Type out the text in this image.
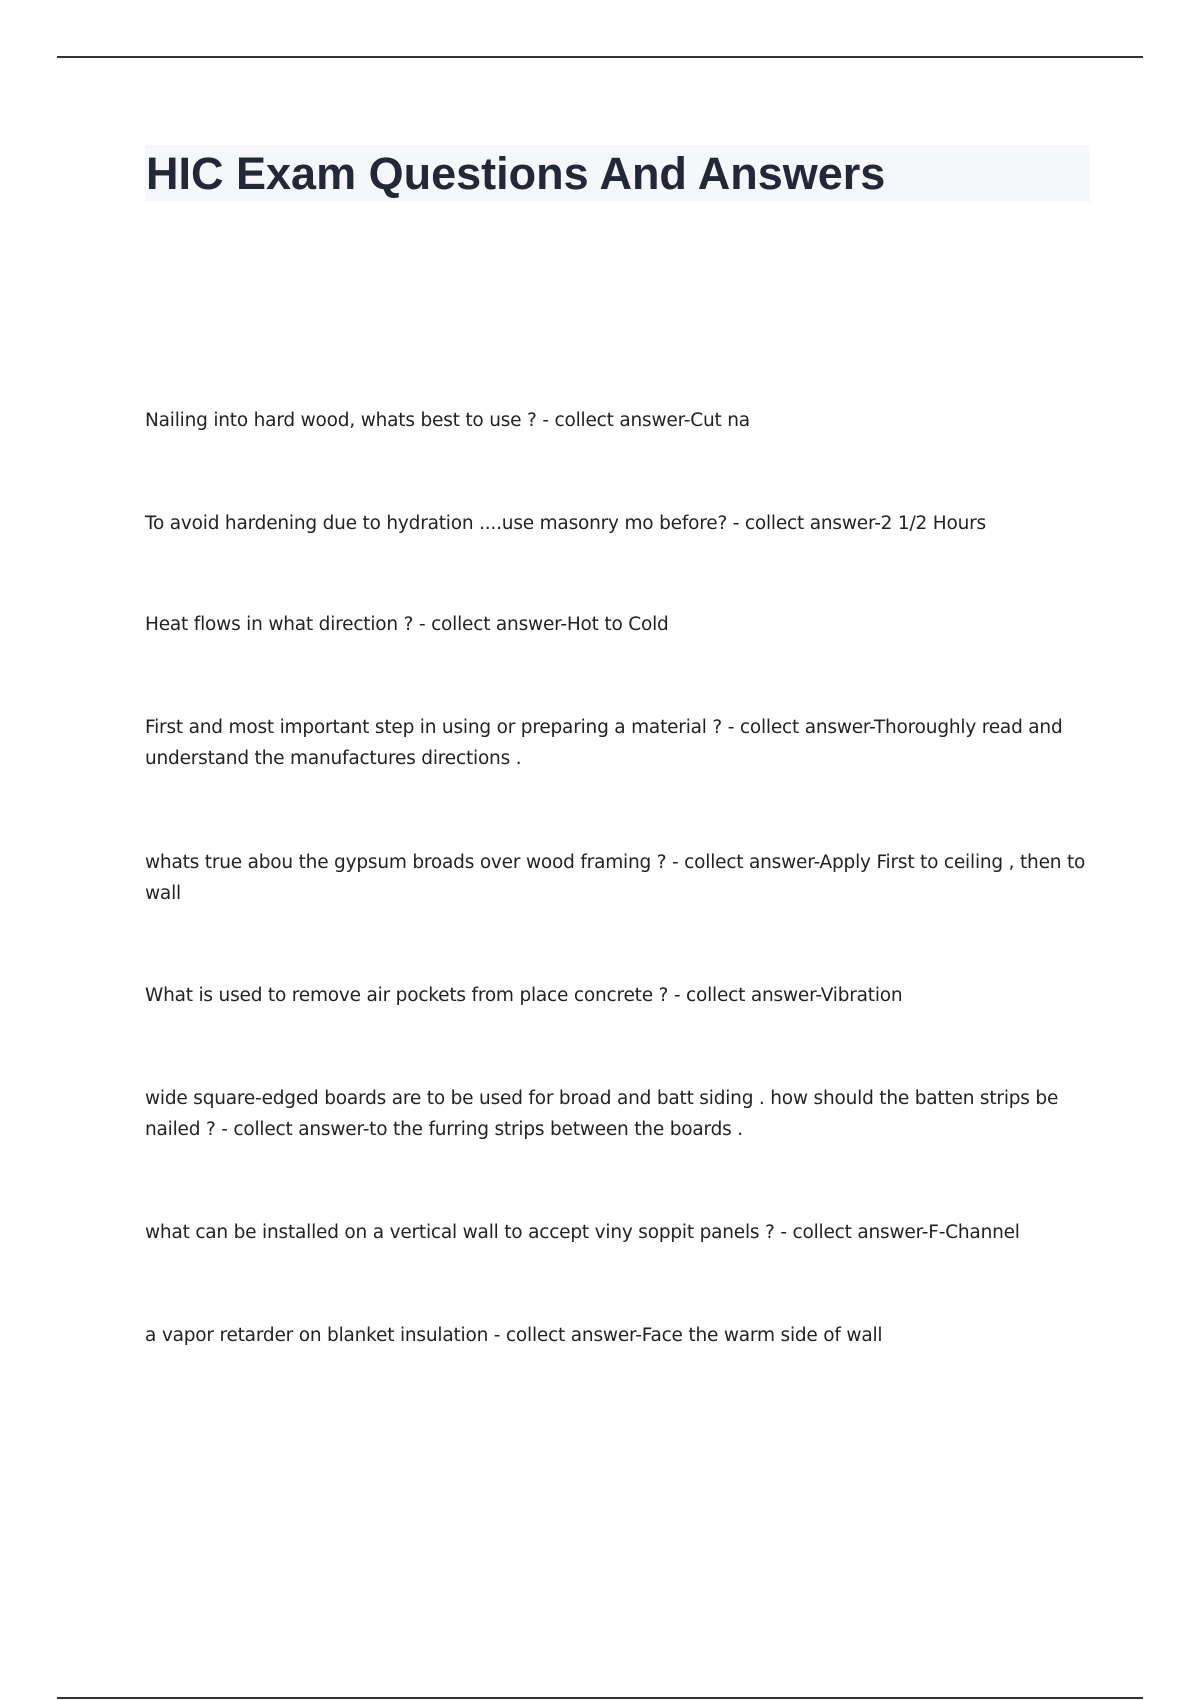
HIC Exam Questions And Answers

Nailing into hard wood, whats best to use ? - collect answer-Cut na

To avoid hardening due to hydration ....use masonry mo before? - collect answer-2 1/2 Hours

Heat flows in what direction ? - collect answer-Hot to Cold

First and most important step in using or preparing a material ? - collect answer-Thoroughly read and understand the manufactures directions .

whats true abou the gypsum broads over wood framing ? - collect answer-Apply First to ceiling , then to wall

What is used to remove air pockets from place concrete ? - collect answer-Vibration

wide square-edged boards are to be used for broad and batt siding . how should the batten strips be nailed ? - collect answer-to the furring strips between the boards .

what can be installed on a vertical wall to accept viny soppit panels ? - collect answer-F-Channel

a vapor retarder on blanket insulation - collect answer-Face the warm side of wall
